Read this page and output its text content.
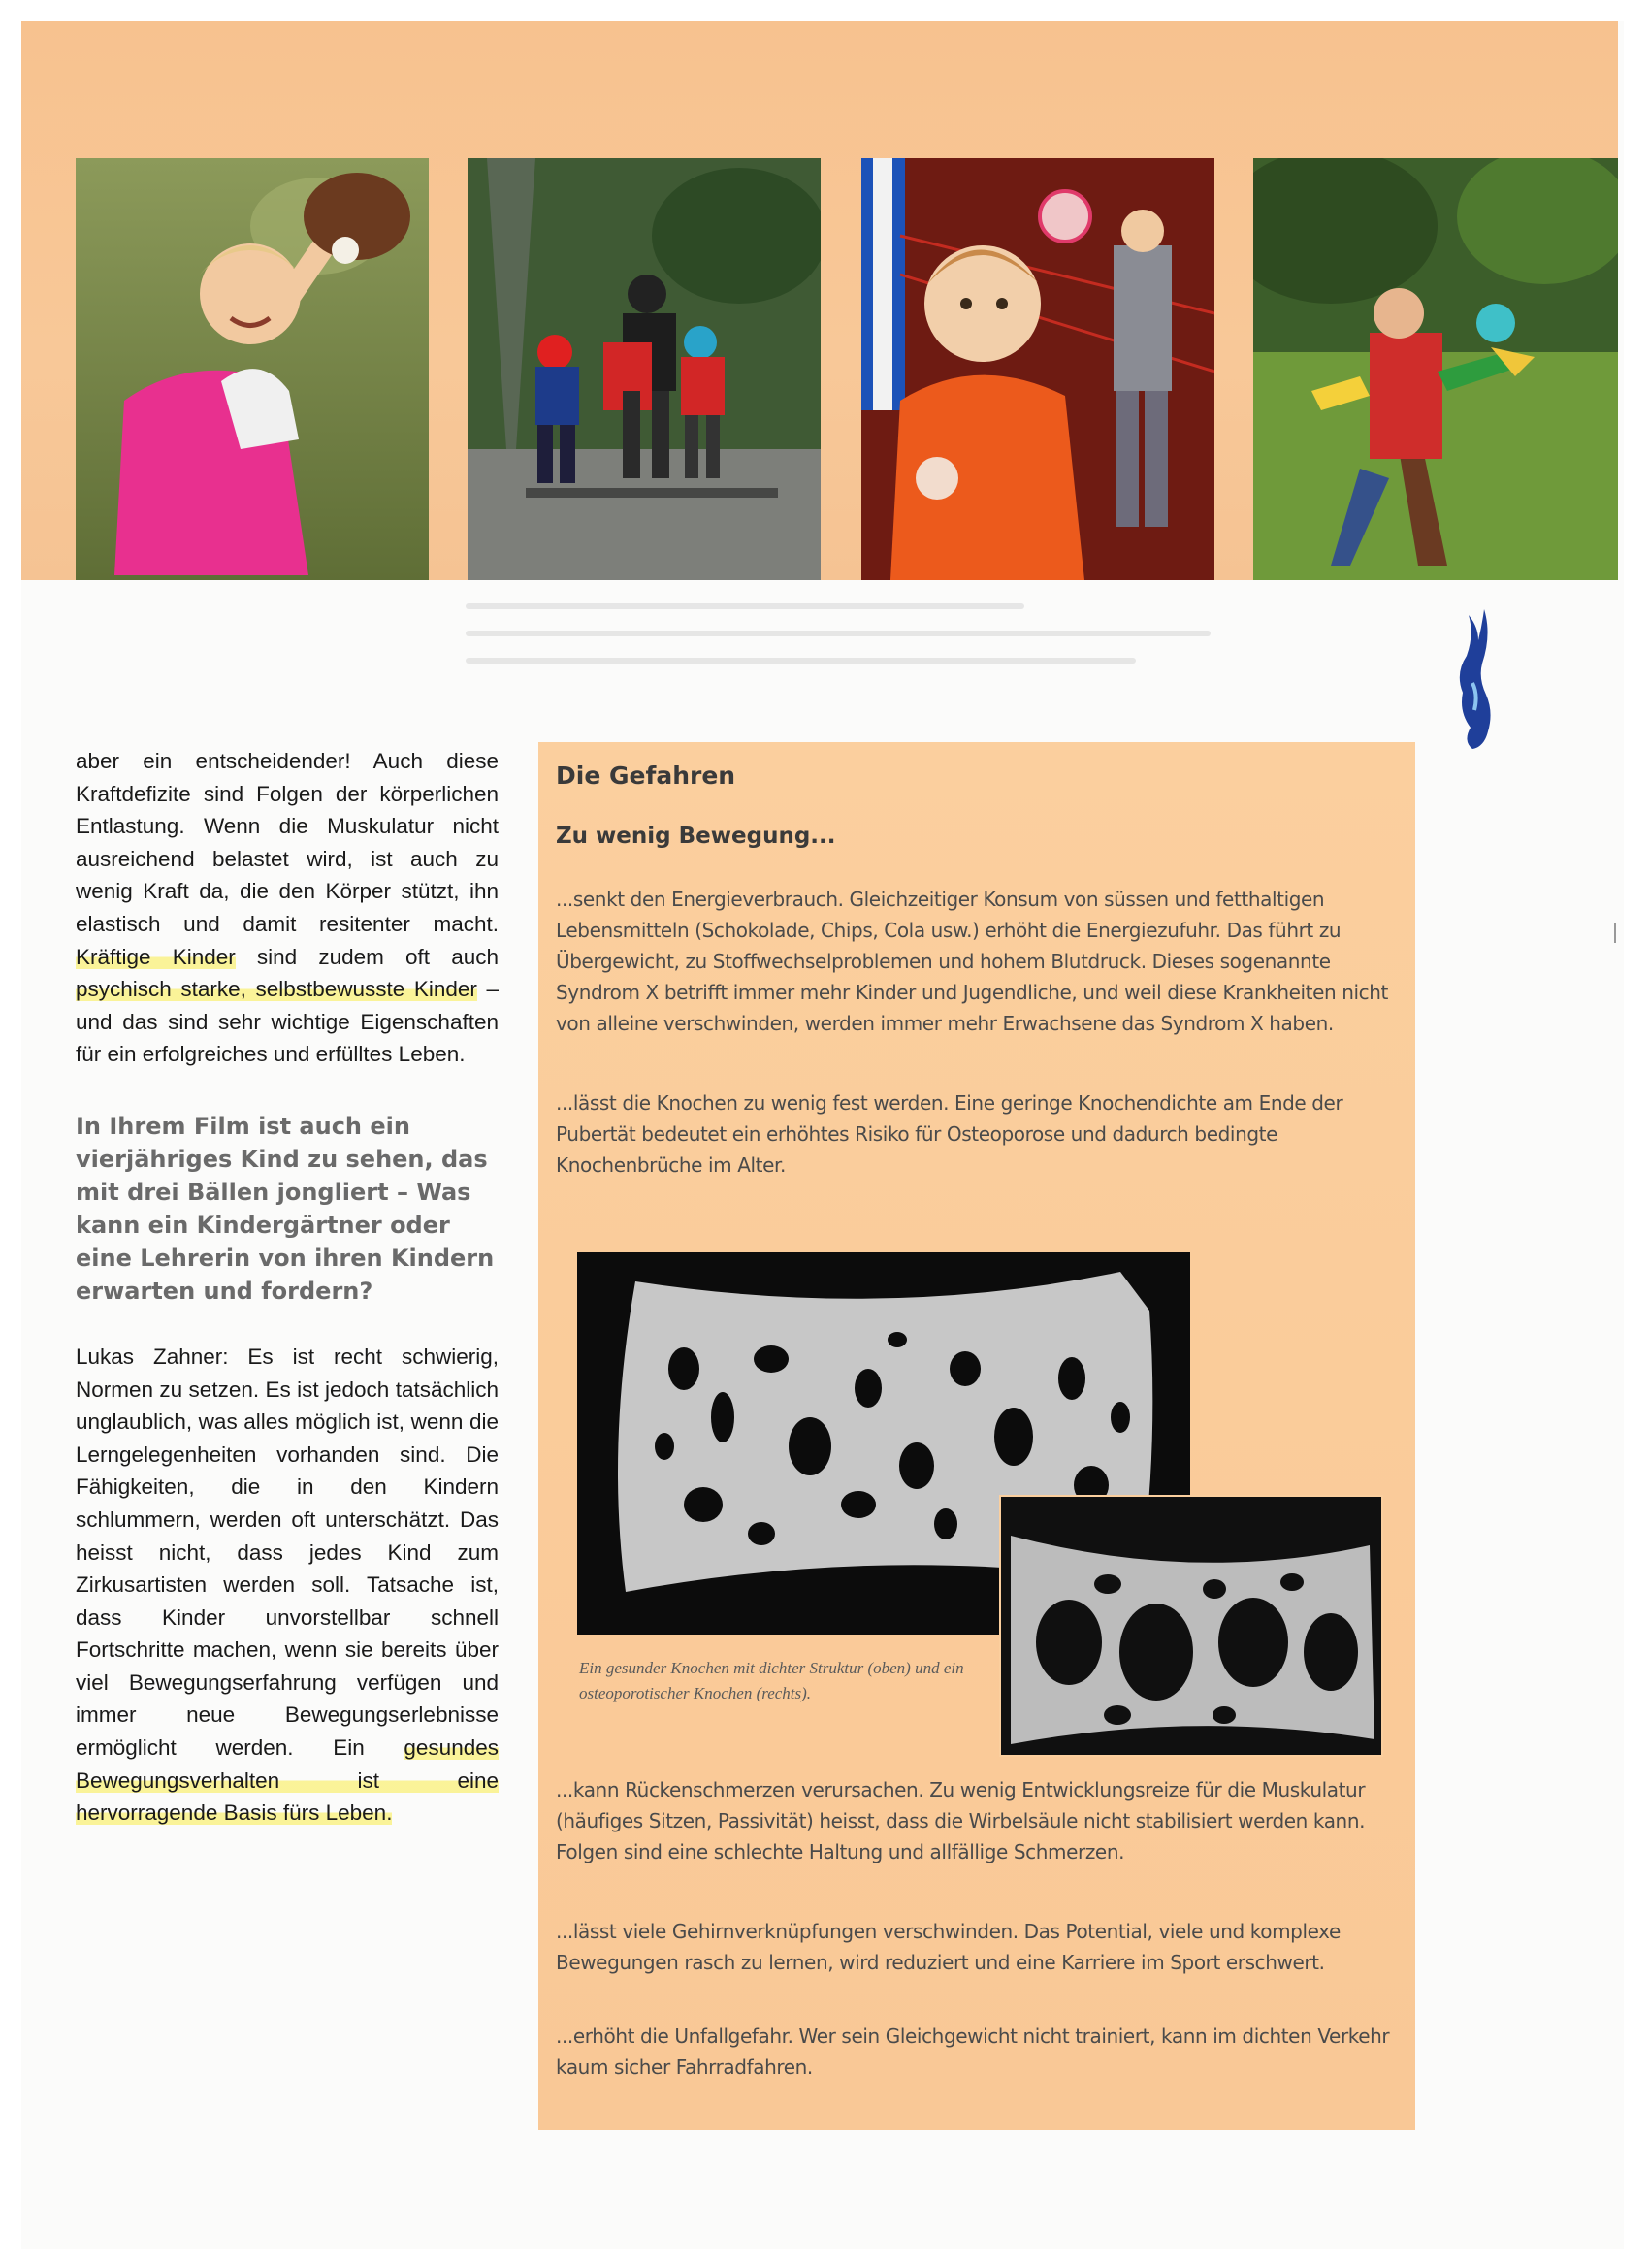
aber ein entscheidender! Auch diese Kraftdefizite sind Folgen der körperlichen Entlastung. Wenn die Muskulatur nicht ausreichend belastet wird, ist auch zu wenig Kraft da, die den Körper stützt, ihn elastisch und damit resitenter macht. Kräftige Kinder sind zudem oft auch psychisch starke, selbstbewusste Kinder – und das sind sehr wichtige Eigenschaften für ein erfolgreiches und erfülltes Leben.

In Ihrem Film ist auch ein vierjähriges Kind zu sehen, das mit drei Bällen jongliert – Was kann ein Kindergärtner oder eine Lehrerin von ihren Kindern erwarten und fordern?

Lukas Zahner: Es ist recht schwierig, Normen zu setzen. Es ist jedoch tatsächlich unglaublich, was alles möglich ist, wenn die Lerngelegenheiten vorhanden sind. Die Fähigkeiten, die in den Kindern schlummern, werden oft unterschätzt. Das heisst nicht, dass jedes Kind zum Zirkusartisten werden soll. Tatsache ist, dass Kinder unvorstellbar schnell Fortschritte machen, wenn sie bereits über viel Bewegungserfahrung verfügen und immer neue Bewegungserlebnisse ermöglicht werden. Ein gesundes Bewegungsverhalten ist eine hervorragende Basis fürs Leben.

Die Gefahren
Zu wenig Bewegung...
...senkt den Energieverbrauch. Gleichzeitiger Konsum von süssen und fetthaltigen Lebensmitteln (Schokolade, Chips, Cola usw.) erhöht die Energiezufuhr. Das führt zu Übergewicht, zu Stoffwechselproblemen und hohem Blutdruck. Dieses sogenannte Syndrom X betrifft immer mehr Kinder und Jugendliche, und weil diese Krankheiten nicht von alleine verschwinden, werden immer mehr Erwachsene das Syndrom X haben.
...lässt die Knochen zu wenig fest werden. Eine geringe Knochendichte am Ende der Pubertät bedeutet ein erhöhtes Risiko für Osteoporose und dadurch bedingte Knochenbrüche im Alter.
Ein gesunder Knochen mit dichter Struktur (oben) und ein osteoporotischer Knochen (rechts).
...kann Rückenschmerzen verursachen. Zu wenig Entwicklungsreize für die Muskulatur (häufiges Sitzen, Passivität) heisst, dass die Wirbelsäule nicht stabilisiert werden kann. Folgen sind eine schlechte Haltung und allfällige Schmerzen.
...lässt viele Gehirnverknüpfungen verschwinden. Das Potential, viele und komplexe Bewegungen rasch zu lernen, wird reduziert und eine Karriere im Sport erschwert.
...erhöht die Unfallgefahr. Wer sein Gleichgewicht nicht trainiert, kann im dichten Verkehr kaum sicher Fahrradfahren.
